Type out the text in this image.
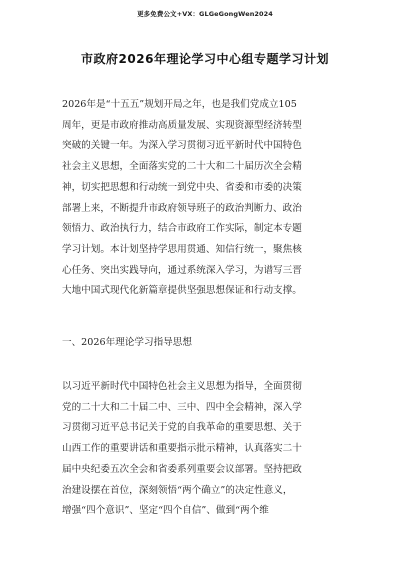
更多免费公文+VX：GLGeGongWen2024
市政府2026年理论学习中心组专题学习计划
2026年是“十五五”规划开局之年，也是我们党成立105
周年，更是市政府推动高质量发展、实现资源型经济转型
突破的关键一年。为深入学习贯彻习近平新时代中国特色
社会主义思想，全面落实党的二十大和二十届历次全会精
神，切实把思想和行动统一到党中央、省委和市委的决策
部署上来，不断提升市政府领导班子的政治判断力、政治
领悟力、政治执行力，结合市政府工作实际，制定本专题
学习计划。本计划坚持学思用贯通、知信行统一，聚焦核
心任务、突出实践导向，通过系统深入学习，为谱写三晋
大地中国式现代化新篇章提供坚强思想保证和行动支撑。
一、2026年理论学习指导思想
以习近平新时代中国特色社会主义思想为指导，全面贯彻
党的二十大和二十届二中、三中、四中全会精神，深入学
习贯彻习近平总书记关于党的自我革命的重要思想、关于
山西工作的重要讲话和重要指示批示精神，认真落实二十
届中央纪委五次全会和省委系列重要会议部署。坚持把政
治建设摆在首位，深刻领悟“两个确立”的决定性意义，
增强“四个意识”、坚定“四个自信”、做到“两个维
